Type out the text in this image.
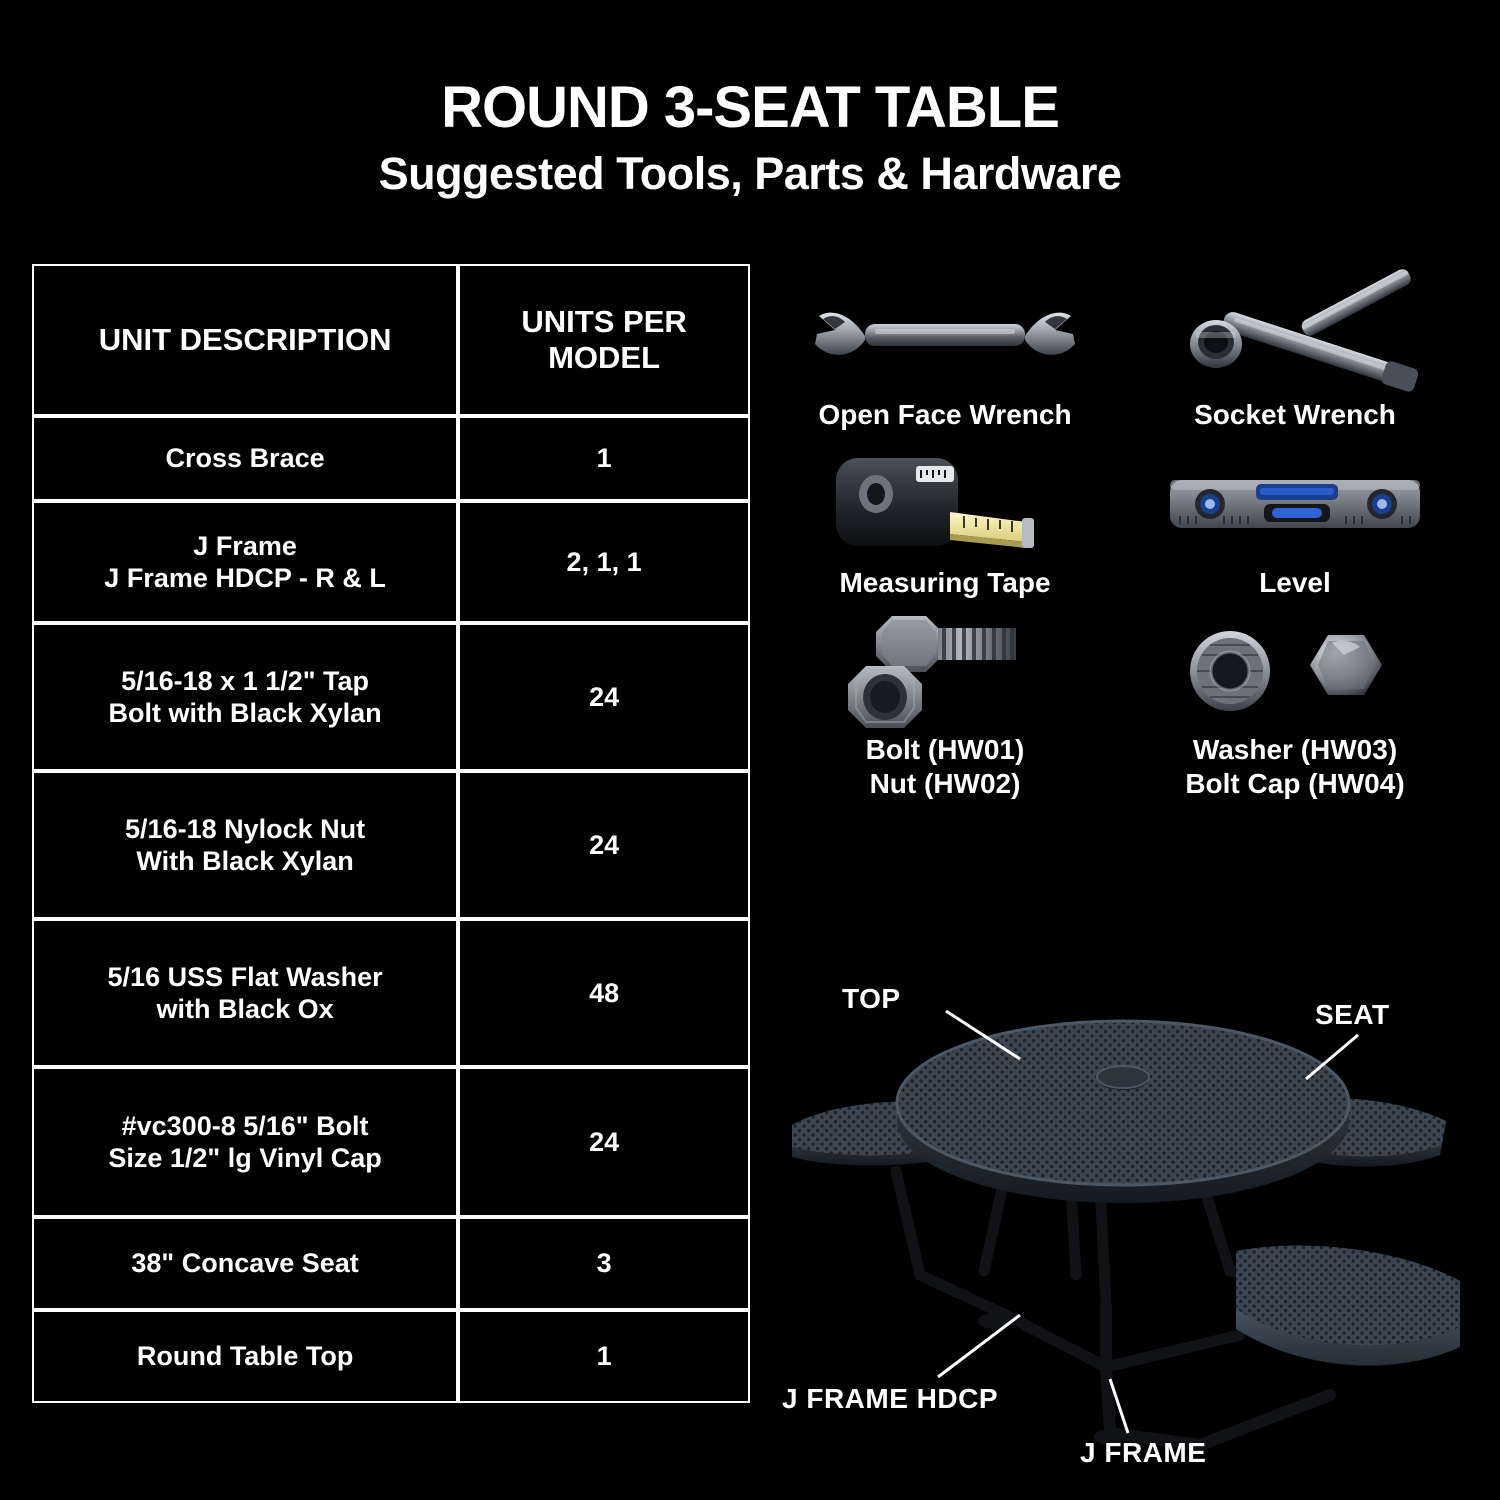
ROUND 3-SEAT TABLE
Suggested Tools, Parts & Hardware
UNIT DESCRIPTION	UNITS PER
MODEL

Cross Brace	1

J Frame
J Frame HDCP - R & L	2, 1, 1

5/16-18 x 1 1/2" Tap
Bolt with Black Xylan	24

5/16-18 Nylock Nut
With Black Xylan	24

5/16 USS Flat Washer
with Black Ox	48

#vc300-8 5/16" Bolt
Size 1/2" lg Vinyl Cap	24

38" Concave Seat	3

Round Table Top	1
Open Face Wrench	Socket Wrench
Measuring Tape	Level
Bolt (HW01)
Nut (HW02)
Washer (HW03)
Bolt Cap (HW04)
TOP
SEAT
J FRAME HDCP
J FRAME
